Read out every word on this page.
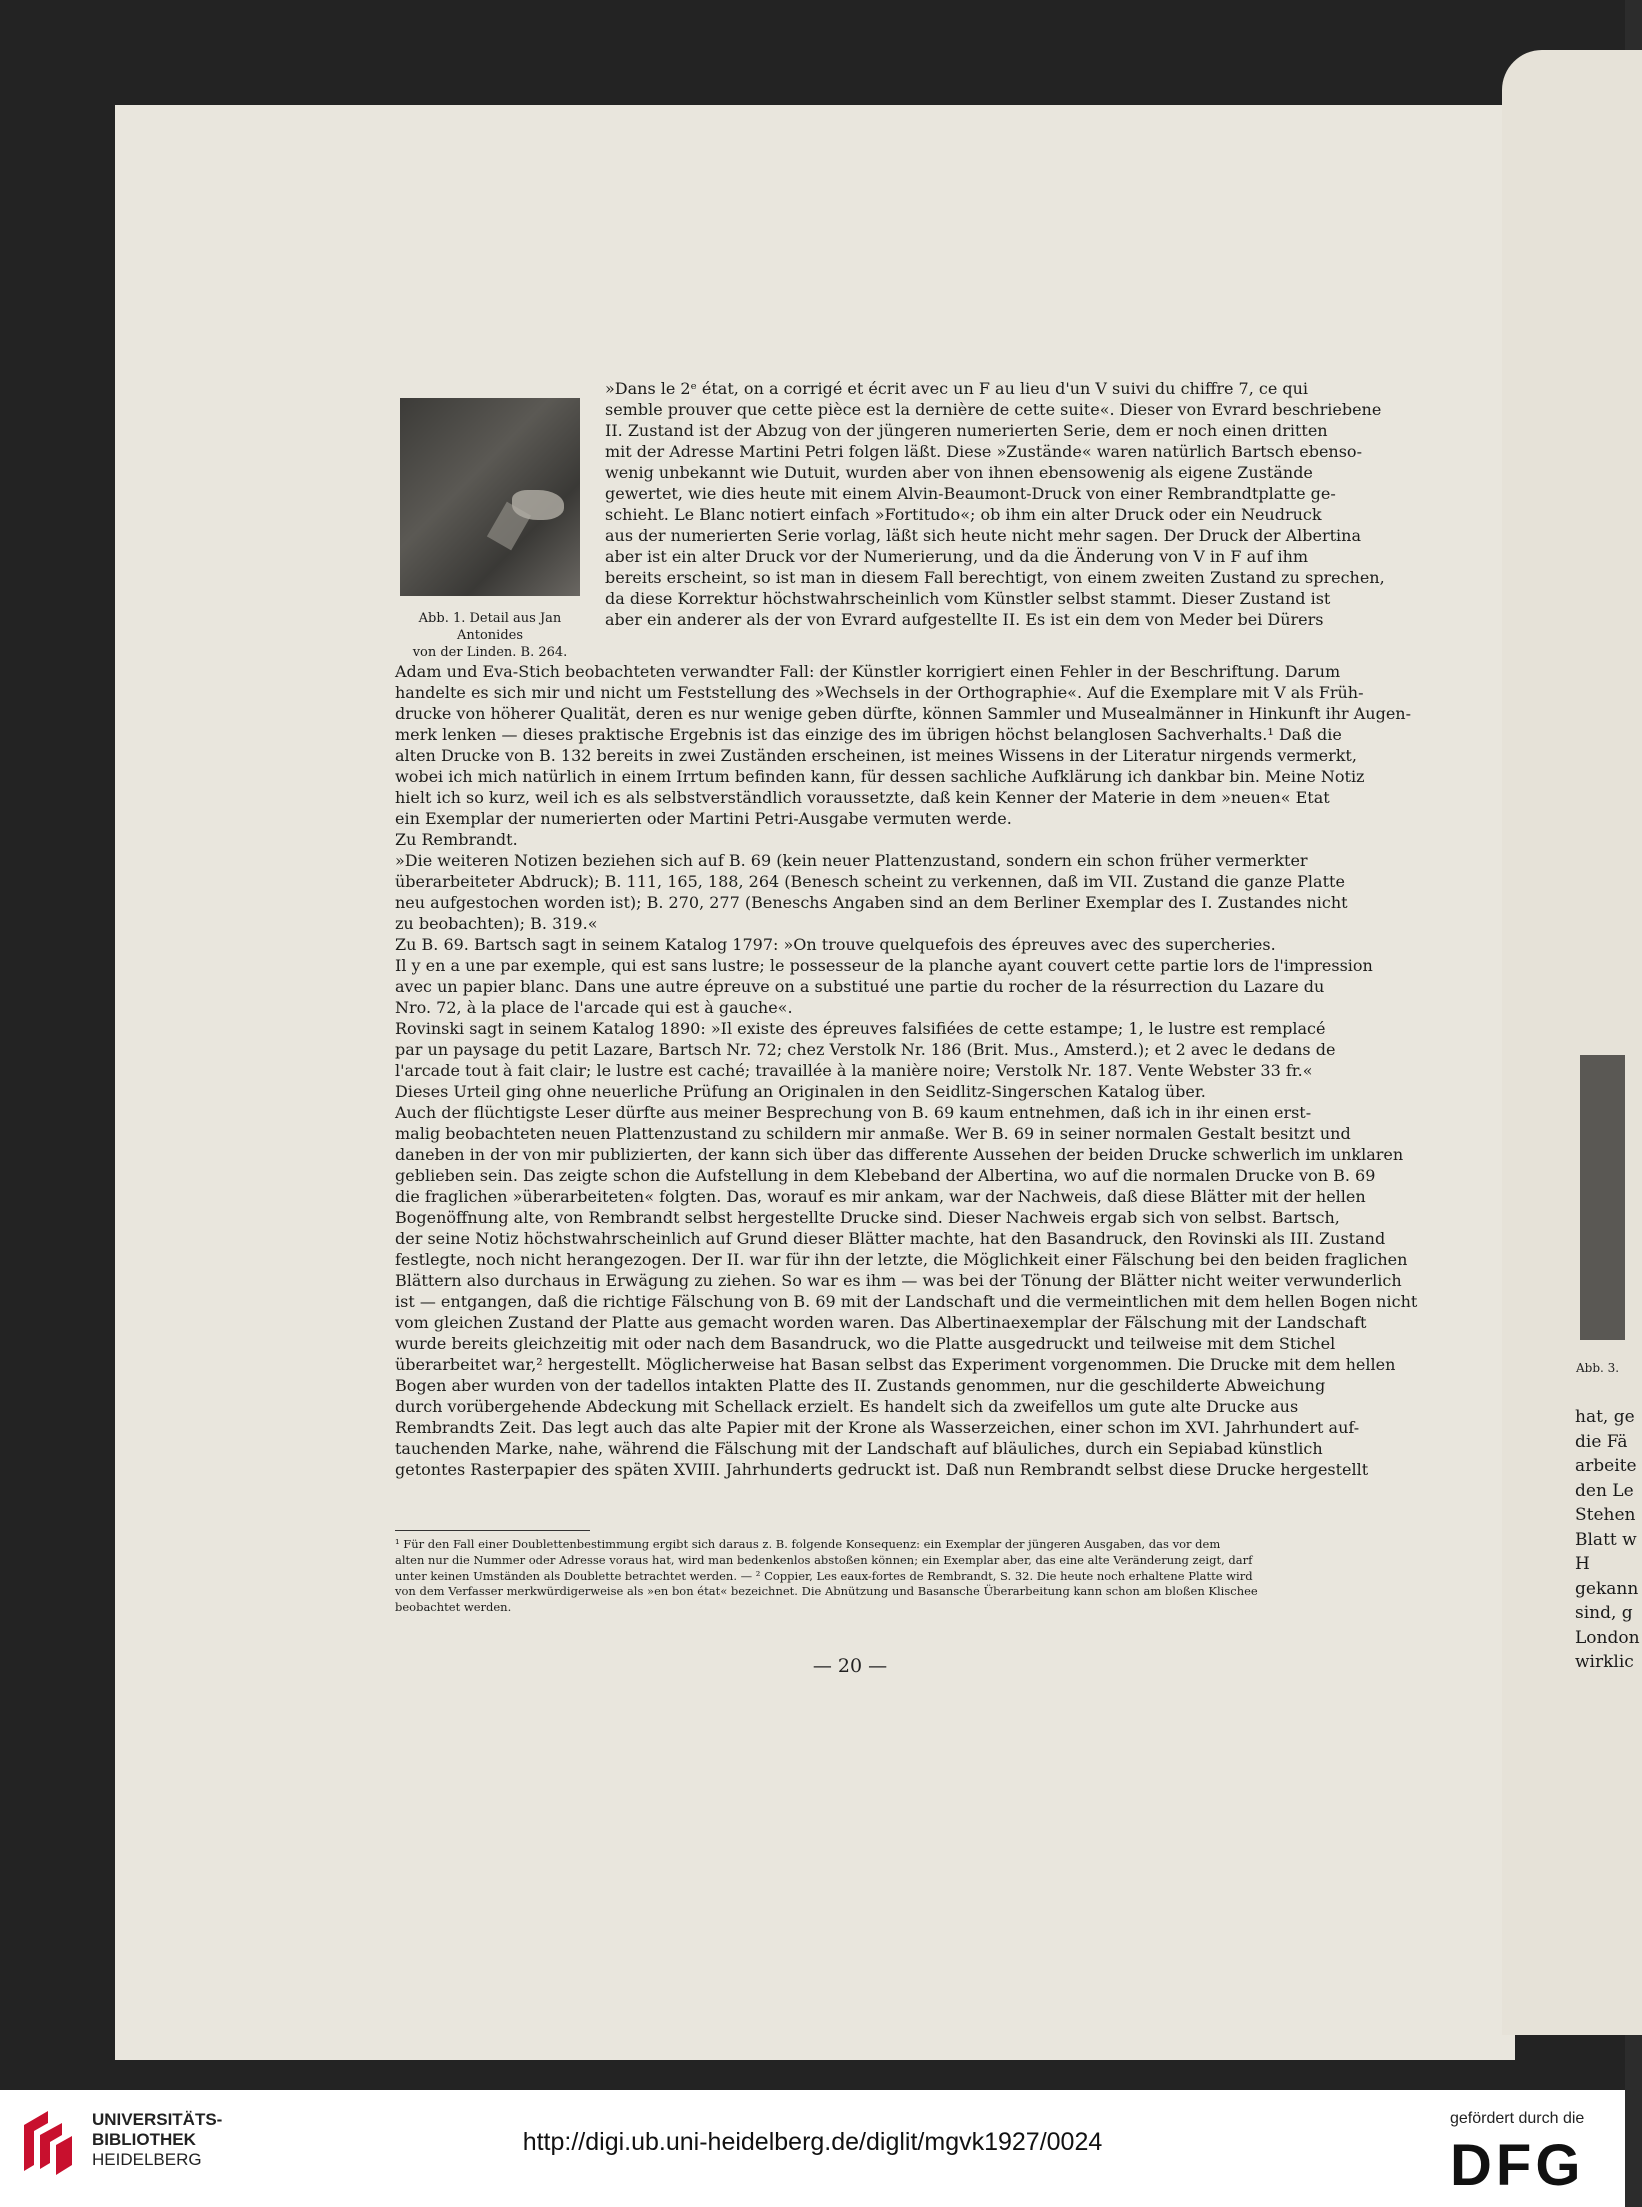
Abb. 3.
hat, ge
die Fä
arbeite
den Le
Stehen
Blatt w
H
gekann
sind, g
London
wirklic
Abb. 1. Detail aus Jan Antonides
von der Linden. B. 264.
»Dans le 2ᵉ état, on a corrigé et écrit avec un F au lieu d'un V suivi du chiffre 7, ce qui
semble prouver que cette pièce est la dernière de cette suite«. Dieser von Evrard beschriebene
II. Zustand ist der Abzug von der jüngeren numerierten Serie, dem er noch einen dritten
mit der Adresse Martini Petri folgen läßt. Diese »Zustände« waren natürlich Bartsch ebenso-
wenig unbekannt wie Dutuit, wurden aber von ihnen ebensowenig als eigene Zustände
gewertet, wie dies heute mit einem Alvin-Beaumont-Druck von einer Rembrandtplatte ge-
schieht. Le Blanc notiert einfach »Fortitudo«; ob ihm ein alter Druck oder ein Neudruck
aus der numerierten Serie vorlag, läßt sich heute nicht mehr sagen. Der Druck der Albertina
aber ist ein alter Druck vor der Numerierung, und da die Änderung von V in F auf ihm
bereits erscheint, so ist man in diesem Fall berechtigt, von einem zweiten Zustand zu sprechen,
da diese Korrektur höchstwahrscheinlich vom Künstler selbst stammt. Dieser Zustand ist
aber ein anderer als der von Evrard aufgestellte II. Es ist ein dem von Meder bei Dürers
Adam und Eva-Stich beobachteten verwandter Fall: der Künstler korrigiert einen Fehler in der Beschriftung. Darum
handelte es sich mir und nicht um Feststellung des »Wechsels in der Orthographie«. Auf die Exemplare mit V als Früh-
drucke von höherer Qualität, deren es nur wenige geben dürfte, können Sammler und Musealmänner in Hinkunft ihr Augen-
merk lenken — dieses praktische Ergebnis ist das einzige des im übrigen höchst belanglosen Sachverhalts.¹ Daß die
alten Drucke von B. 132 bereits in zwei Zuständen erscheinen, ist meines Wissens in der Literatur nirgends vermerkt,
wobei ich mich natürlich in einem Irrtum befinden kann, für dessen sachliche Aufklärung ich dankbar bin. Meine Notiz
hielt ich so kurz, weil ich es als selbstverständlich voraussetzte, daß kein Kenner der Materie in dem »neuen« Etat
ein Exemplar der numerierten oder Martini Petri-Ausgabe vermuten werde.
Zu Rembrandt.
»Die weiteren Notizen beziehen sich auf B. 69 (kein neuer Plattenzustand, sondern ein schon früher vermerkter
überarbeiteter Abdruck); B. 111, 165, 188, 264 (Benesch scheint zu verkennen, daß im VII. Zustand die ganze Platte
neu aufgestochen worden ist); B. 270, 277 (Beneschs Angaben sind an dem Berliner Exemplar des I. Zustandes nicht
zu beobachten); B. 319.«
Zu B. 69. Bartsch sagt in seinem Katalog 1797: »On trouve quelquefois des épreuves avec des supercheries.
Il y en a une par exemple, qui est sans lustre; le possesseur de la planche ayant couvert cette partie lors de l'impression
avec un papier blanc. Dans une autre épreuve on a substitué une partie du rocher de la résurrection du Lazare du
Nro. 72, à la place de l'arcade qui est à gauche«.
Rovinski sagt in seinem Katalog 1890: »Il existe des épreuves falsifiées de cette estampe; 1, le lustre est remplacé
par un paysage du petit Lazare, Bartsch Nr. 72; chez Verstolk Nr. 186 (Brit. Mus., Amsterd.); et 2 avec le dedans de
l'arcade tout à fait clair; le lustre est caché; travaillée à la manière noire; Verstolk Nr. 187. Vente Webster 33 fr.«
Dieses Urteil ging ohne neuerliche Prüfung an Originalen in den Seidlitz-Singerschen Katalog über.
Auch der flüchtigste Leser dürfte aus meiner Besprechung von B. 69 kaum entnehmen, daß ich in ihr einen erst-
malig beobachteten neuen Plattenzustand zu schildern mir anmaße. Wer B. 69 in seiner normalen Gestalt besitzt und
daneben in der von mir publizierten, der kann sich über das differente Aussehen der beiden Drucke schwerlich im unklaren
geblieben sein. Das zeigte schon die Aufstellung in dem Klebeband der Albertina, wo auf die normalen Drucke von B. 69
die fraglichen »überarbeiteten« folgten. Das, worauf es mir ankam, war der Nachweis, daß diese Blätter mit der hellen
Bogenöffnung alte, von Rembrandt selbst hergestellte Drucke sind. Dieser Nachweis ergab sich von selbst. Bartsch,
der seine Notiz höchstwahrscheinlich auf Grund dieser Blätter machte, hat den Basandruck, den Rovinski als III. Zustand
festlegte, noch nicht herangezogen. Der II. war für ihn der letzte, die Möglichkeit einer Fälschung bei den beiden fraglichen
Blättern also durchaus in Erwägung zu ziehen. So war es ihm — was bei der Tönung der Blätter nicht weiter verwunderlich
ist — entgangen, daß die richtige Fälschung von B. 69 mit der Landschaft und die vermeintlichen mit dem hellen Bogen nicht
vom gleichen Zustand der Platte aus gemacht worden waren. Das Albertinaexemplar der Fälschung mit der Landschaft
wurde bereits gleichzeitig mit oder nach dem Basandruck, wo die Platte ausgedruckt und teilweise mit dem Stichel
überarbeitet war,² hergestellt. Möglicherweise hat Basan selbst das Experiment vorgenommen. Die Drucke mit dem hellen
Bogen aber wurden von der tadellos intakten Platte des II. Zustands genommen, nur die geschilderte Abweichung
durch vorübergehende Abdeckung mit Schellack erzielt. Es handelt sich da zweifellos um gute alte Drucke aus
Rembrandts Zeit. Das legt auch das alte Papier mit der Krone als Wasserzeichen, einer schon im XVI. Jahrhundert auf-
tauchenden Marke, nahe, während die Fälschung mit der Landschaft auf bläuliches, durch ein Sepiabad künstlich
getontes Rasterpapier des späten XVIII. Jahrhunderts gedruckt ist. Daß nun Rembrandt selbst diese Drucke hergestellt
¹ Für den Fall einer Doublettenbestimmung ergibt sich daraus z. B. folgende Konsequenz: ein Exemplar der jüngeren Ausgaben, das vor dem
alten nur die Nummer oder Adresse voraus hat, wird man bedenkenlos abstoßen können; ein Exemplar aber, das eine alte Veränderung zeigt, darf
unter keinen Umständen als Doublette betrachtet werden. — ² Coppier, Les eaux-fortes de Rembrandt, S. 32. Die heute noch erhaltene Platte wird
von dem Verfasser merkwürdigerweise als »en bon état« bezeichnet. Die Abnützung und Basansche Überarbeitung kann schon am bloßen Klischee
beobachtet werden.
— 20 —
UNIVERSITÄTS-
BIBLIOTHEK
HEIDELBERG
http://digi.ub.uni-heidelberg.de/diglit/mgvk1927/0024
gefördert durch die
DFG
